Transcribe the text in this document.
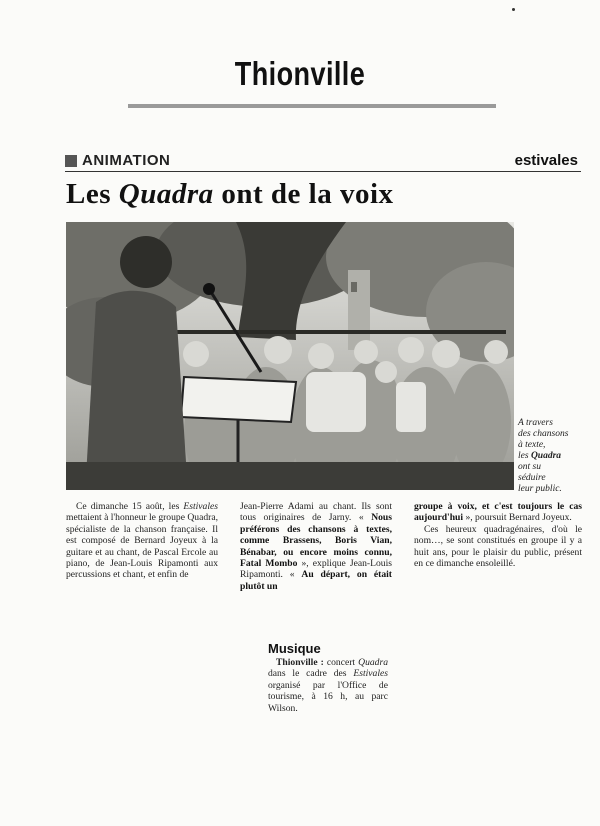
Thionville
ANIMATION	estivales
Les Quadra ont de la voix
A travers
des chansons
à texte,
les Quadra
ont su
séduire
leur public.
Ce dimanche 15 août, les Estivales mettaient à l'honneur le groupe Quadra, spécialiste de la chanson française. Il est composé de Bernard Joyeux à la guitare et au chant, de Pascal Ercole au piano, de Jean-Louis Ripamonti aux percussions et chant, et enfin de
Jean-Pierre Adami au chant. Ils sont tous originaires de Jarny. « Nous préférons des chansons à textes, comme Brassens, Boris Vian, Bénabar, ou encore moins connu, Fatal Mombo », explique Jean-Louis Ripamonti. « Au départ, on était plutôt un
groupe à voix, et c'est toujours le cas aujourd'hui », poursuit Bernard Joyeux.
Ces heureux quadragénaires, d'où le nom…, se sont constitués en groupe il y a huit ans, pour le plaisir du public, présent en ce dimanche ensoleillé.
Musique
Thionville : concert Quadra dans le cadre des Estivales organisé par l'Office de tourisme, à 16 h, au parc Wilson.
